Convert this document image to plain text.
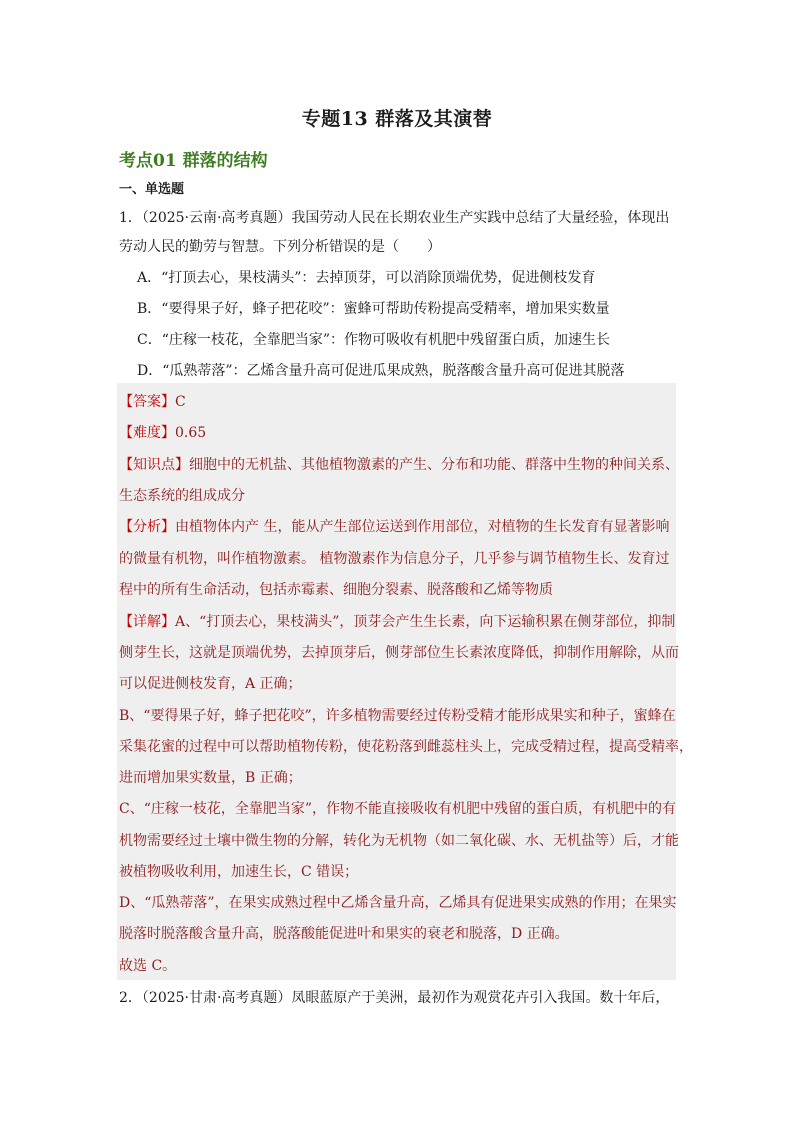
专题13 群落及其演替
考点01 群落的结构
一、单选题
1．（2025·云南·高考真题）我国劳动人民在长期农业生产实践中总结了大量经验，体现出
劳动人民的勤劳与智慧。下列分析错误的是（　　）
A．“打顶去心，果枝满头”：去掉顶芽，可以消除顶端优势，促进侧枝发育
B．“要得果子好，蜂子把花咬”：蜜蜂可帮助传粉提高受精率，增加果实数量
C．“庄稼一枝花，全靠肥当家”：作物可吸收有机肥中残留蛋白质，加速生长
D．“瓜熟蒂落”：乙烯含量升高可促进瓜果成熟，脱落酸含量升高可促进其脱落
【答案】C
【难度】0.65
【知识点】细胞中的无机盐、其他植物激素的产生、分布和功能、群落中生物的种间关系、
生态系统的组成成分
【分析】由植物体内产 生，能从产生部位运送到作用部位，对植物的生长发育有显著影响
的微量有机物，叫作植物激素。 植物激素作为信息分子，几乎参与调节植物生长、发育过
程中的所有生命活动，包括赤霉素、细胞分裂素、脱落酸和乙烯等物质
【详解】A、“打顶去心，果枝满头”，顶芽会产生生长素，向下运输积累在侧芽部位，抑制
侧芽生长，这就是顶端优势，去掉顶芽后，侧芽部位生长素浓度降低，抑制作用解除，从而
可以促进侧枝发育，A 正确；
B、“要得果子好，蜂子把花咬”，许多植物需要经过传粉受精才能形成果实和种子，蜜蜂在
采集花蜜的过程中可以帮助植物传粉，使花粉落到雌蕊柱头上，完成受精过程，提高受精率，
进而增加果实数量，B 正确；
C、“庄稼一枝花，全靠肥当家”，作物不能直接吸收有机肥中残留的蛋白质，有机肥中的有
机物需要经过土壤中微生物的分解，转化为无机物（如二氧化碳、水、无机盐等）后，才能
被植物吸收利用，加速生长，C 错误；
D、“瓜熟蒂落”，在果实成熟过程中乙烯含量升高，乙烯具有促进果实成熟的作用；在果实
脱落时脱落酸含量升高，脱落酸能促进叶和果实的衰老和脱落，D 正确。
故选 C。
2．（2025·甘肃·高考真题）凤眼蓝原产于美洲，最初作为观赏花卉引入我国。数十年后，
